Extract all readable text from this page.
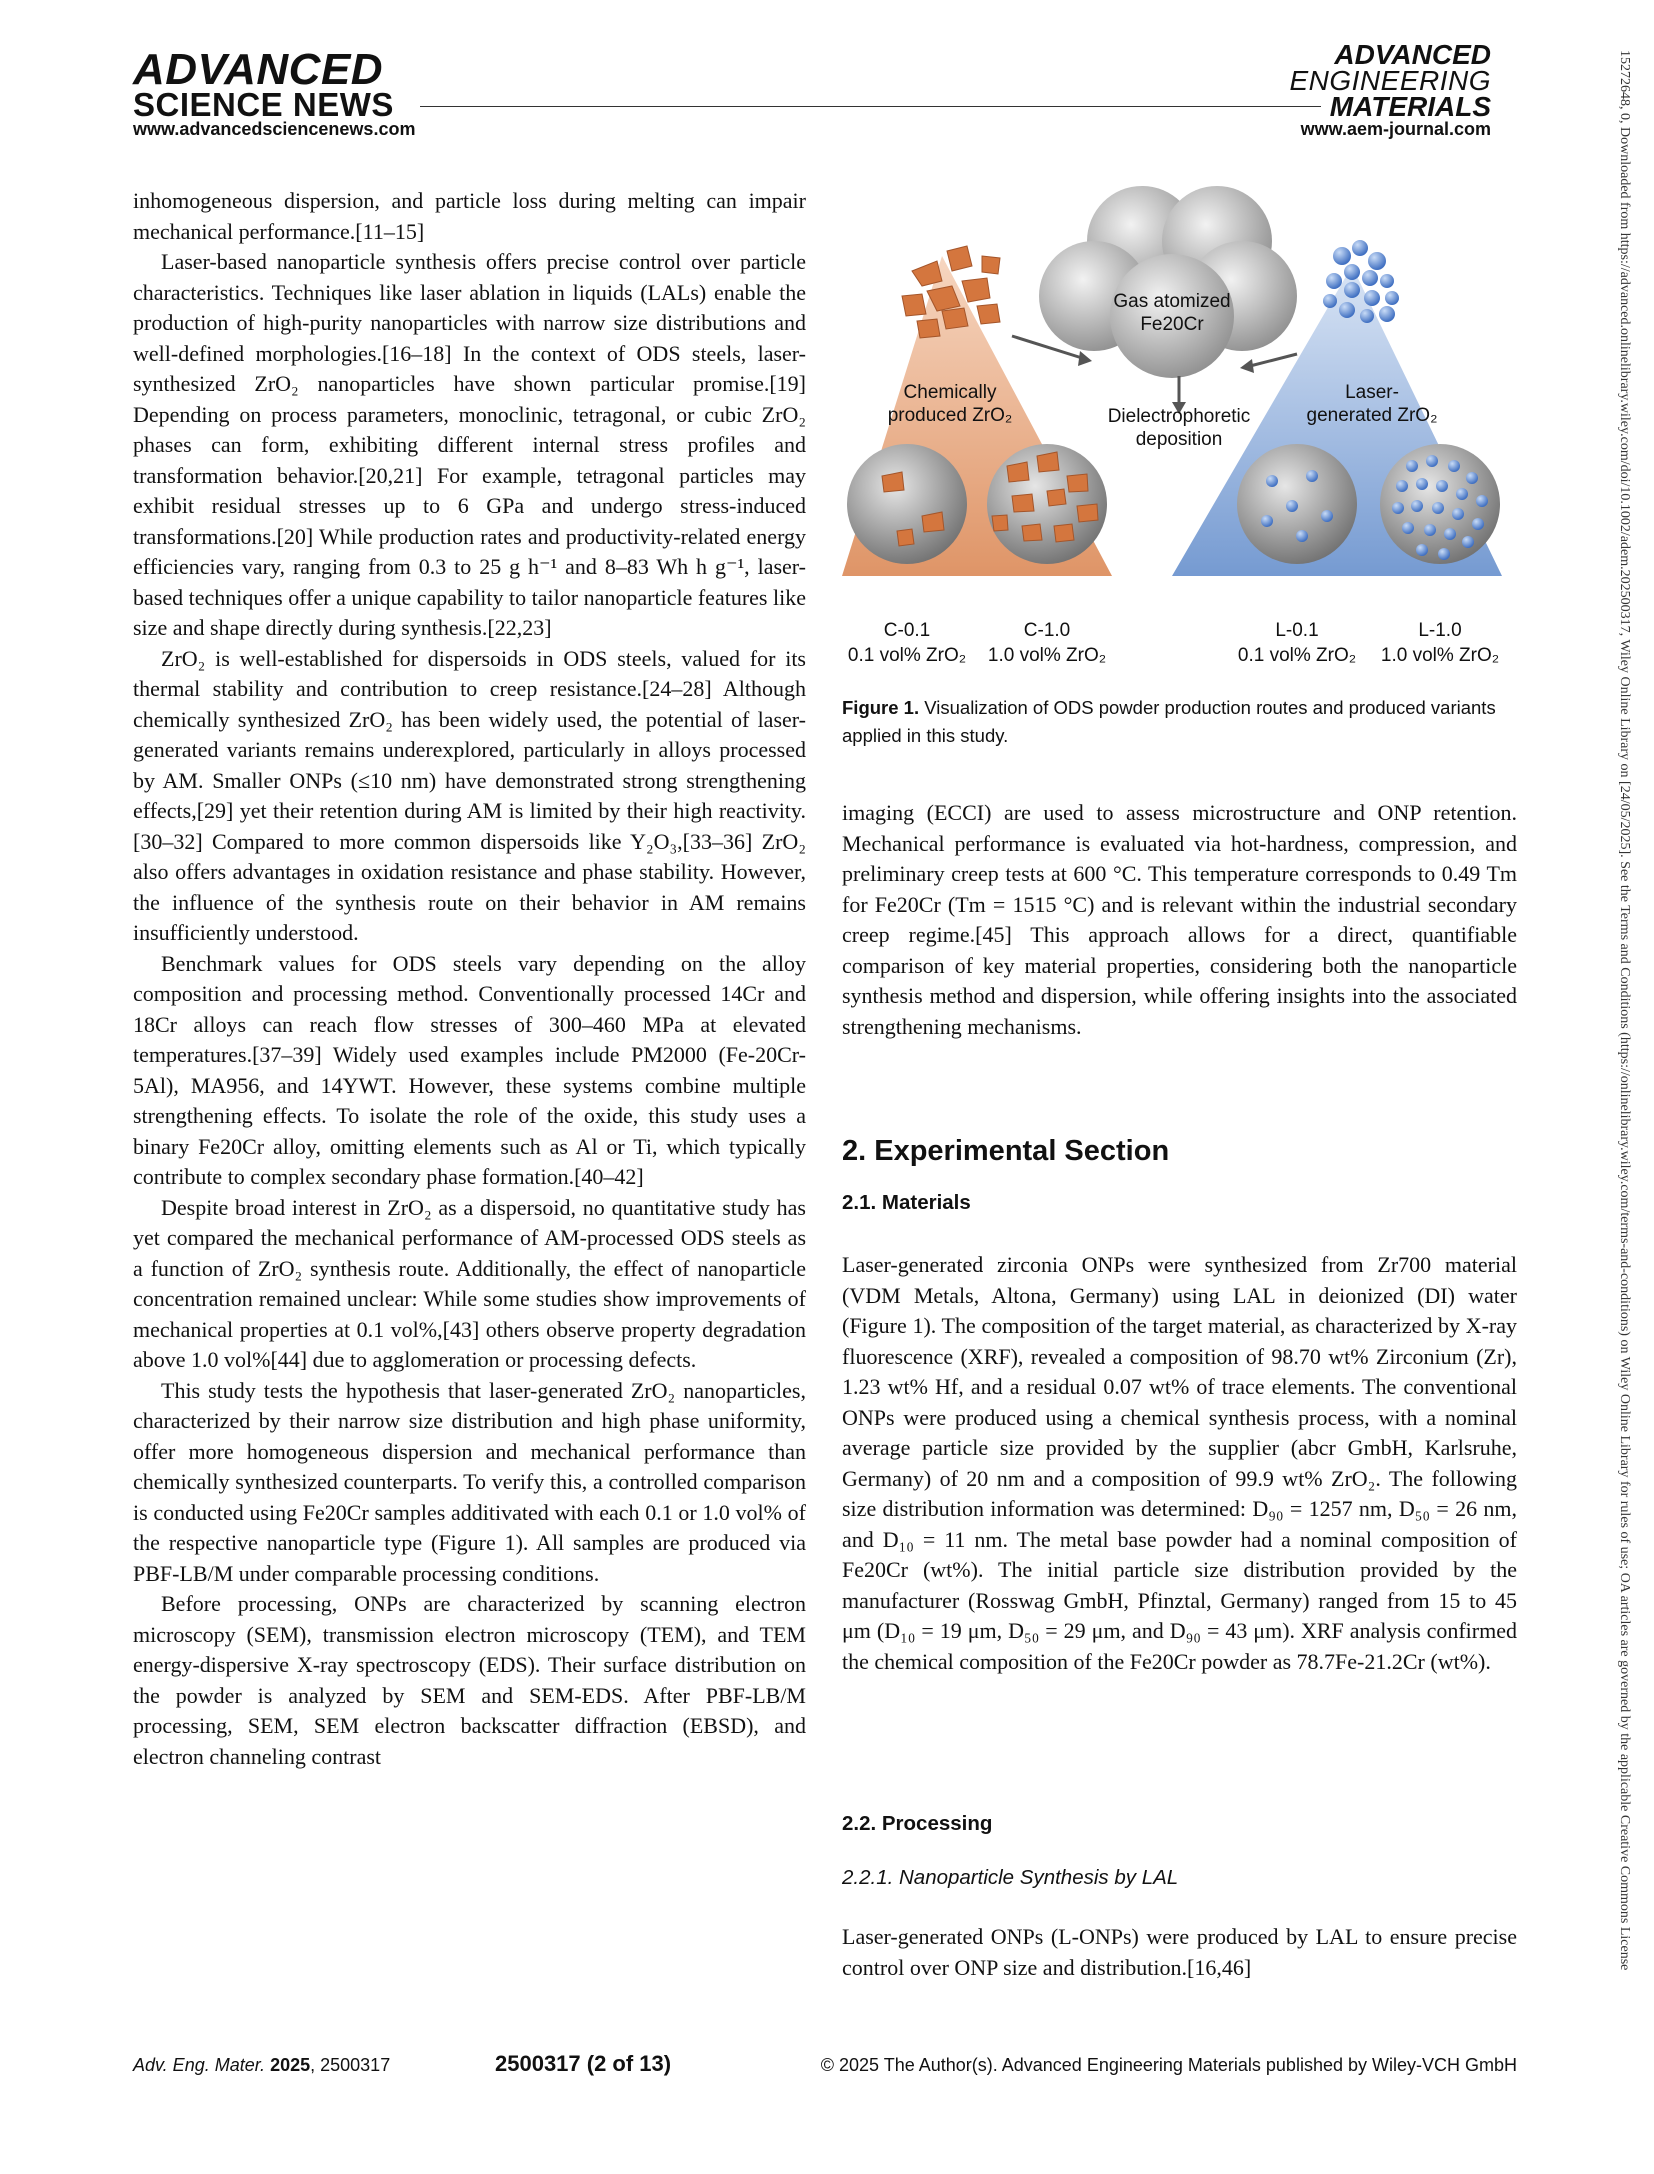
ADVANCED
SCIENCE NEWS
ADVANCED
ENGINEERING
MATERIALS
www.advancedsciencenews.com	www.aem-journal.com

inhomogeneous dispersion, and particle loss during melting can impair mechanical performance.[11–15]

Laser-based nanoparticle synthesis offers precise control over particle characteristics. Techniques like laser ablation in liquids (LALs) enable the production of high-purity nanoparticles with narrow size distributions and well-defined morphologies.[16–18] In the context of ODS steels, laser-synthesized ZrO₂ nanoparticles have shown particular promise.[19] Depending on process parameters, monoclinic, tetragonal, or cubic ZrO₂ phases can form, exhibiting different internal stress profiles and transformation behavior.[20,21] For example, tetragonal particles may exhibit residual stresses up to 6 GPa and undergo stress-induced transformations.[20] While production rates and productivity-related energy efficiencies vary, ranging from 0.3 to 25 g h⁻¹ and 8–83 Wh h g⁻¹, laser-based techniques offer a unique capability to tailor nanoparticle features like size and shape directly during synthesis.[22,23]

ZrO₂ is well-established for dispersoids in ODS steels, valued for its thermal stability and contribution to creep resistance.[24–28] Although chemically synthesized ZrO₂ has been widely used, the potential of laser-generated variants remains underexplored, particularly in alloys processed by AM. Smaller ONPs (≤10 nm) have demonstrated strong strengthening effects,[29] yet their retention during AM is limited by their high reactivity.[30–32] Compared to more common dispersoids like Y₂O₃,[33–36] ZrO₂ also offers advantages in oxidation resistance and phase stability. However, the influence of the synthesis route on their behavior in AM remains insufficiently understood.

Benchmark values for ODS steels vary depending on the alloy composition and processing method. Conventionally processed 14Cr and 18Cr alloys can reach flow stresses of 300–460 MPa at elevated temperatures.[37–39] Widely used examples include PM2000 (Fe-20Cr-5Al), MA956, and 14YWT. However, these systems combine multiple strengthening effects. To isolate the role of the oxide, this study uses a binary Fe20Cr alloy, omitting elements such as Al or Ti, which typically contribute to complex secondary phase formation.[40–42]

Despite broad interest in ZrO₂ as a dispersoid, no quantitative study has yet compared the mechanical performance of AM-processed ODS steels as a function of ZrO₂ synthesis route. Additionally, the effect of nanoparticle concentration remained unclear: While some studies show improvements of mechanical properties at 0.1 vol%,[43] others observe property degradation above 1.0 vol%[44] due to agglomeration or processing defects.

This study tests the hypothesis that laser-generated ZrO₂ nanoparticles, characterized by their narrow size distribution and high phase uniformity, offer more homogeneous dispersion and mechanical performance than chemically synthesized counterparts. To verify this, a controlled comparison is conducted using Fe20Cr samples additivated with each 0.1 or 1.0 vol% of the respective nanoparticle type (Figure 1). All samples are produced via PBF-LB/M under comparable processing conditions.

Before processing, ONPs are characterized by scanning electron microscopy (SEM), transmission electron microscopy (TEM), and TEM energy-dispersive X-ray spectroscopy (EDS). Their surface distribution on the powder is analyzed by SEM and SEM-EDS. After PBF-LB/M processing, SEM, SEM electron backscatter diffraction (EBSD), and electron channeling contrast

Gas atomized
Fe20Cr
Chemically
produced ZrO₂	Dielectrophoretic
deposition
Laser-
generated ZrO₂
C-0.1
0.1 vol% ZrO₂
C-1.0
1.0 vol% ZrO₂
L-0.1
0.1 vol% ZrO₂
L-1.0
1.0 vol% ZrO₂
Figure 1. Visualization of ODS powder production routes and produced variants applied in this study.

imaging (ECCI) are used to assess microstructure and ONP retention. Mechanical performance is evaluated via hot-hardness, compression, and preliminary creep tests at 600 °C. This temperature corresponds to 0.49 Tm for Fe20Cr (Tm = 1515 °C) and is relevant within the industrial secondary creep regime.[45] This approach allows for a direct, quantifiable comparison of key material properties, considering both the nanoparticle synthesis method and dispersion, while offering insights into the associated strengthening mechanisms.

2. Experimental Section
2.1. Materials
Laser-generated zirconia ONPs were synthesized from Zr700 material (VDM Metals, Altona, Germany) using LAL in deionized (DI) water (Figure 1). The composition of the target material, as characterized by X-ray fluorescence (XRF), revealed a composition of 98.70 wt% Zirconium (Zr), 1.23 wt% Hf, and a residual 0.07 wt% of trace elements. The conventional ONPs were produced using a chemical synthesis process, with a nominal average particle size provided by the supplier (abcr GmbH, Karlsruhe, Germany) of 20 nm and a composition of 99.9 wt% ZrO₂. The following size distribution information was determined: D₉₀ = 1257 nm, D₅₀ = 26 nm, and D₁₀ = 11 nm. The metal base powder had a nominal composition of Fe20Cr (wt%). The initial particle size distribution provided by the manufacturer (Rosswag GmbH, Pfinztal, Germany) ranged from 15 to 45 μm (D₁₀ = 19 μm, D₅₀ = 29 μm, and D₉₀ = 43 μm). XRF analysis confirmed the chemical composition of the Fe20Cr powder as 78.7Fe-21.2Cr (wt%).
2.2. Processing
2.2.1. Nanoparticle Synthesis by LAL
Laser-generated ONPs (L-ONPs) were produced by LAL to ensure precise control over ONP size and distribution.[16,46]
Adv. Eng. Mater. 2025, 2500317	2500317 (2 of 13)	© 2025 The Author(s). Advanced Engineering Materials published by Wiley-VCH GmbH
15272648, 0, Downloaded from https://advanced.onlinelibrary.wiley.com/doi/10.1002/adem.202500317, Wiley Online Library on [24/05/2025]. See the Terms and Conditions (https://onlinelibrary.wiley.com/terms-and-conditions) on Wiley Online Library for rules of use; OA articles are governed by the applicable Creative Commons License
